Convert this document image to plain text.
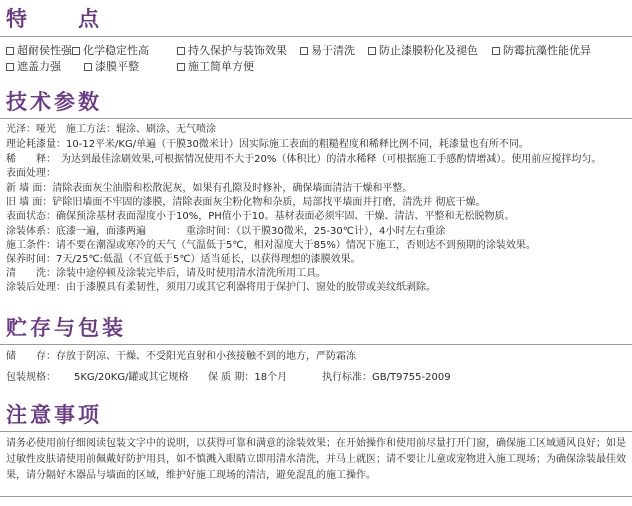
特　　点
超耐侯性强	化学稳定性高	持久保护与装饰效果	易于清洗	防止漆膜粉化及褪色	防霉抗藻性能优异
遮盖力强	漆膜平整	施工简单方便
技术参数
光泽：哑光　施工方法：辊涂、刷涂、无气喷涂
理论耗漆量：10-12平米/KG/单遍（干膜30微米计）因实际施工表面的粗糙程度和稀释比例不同，耗漆量也有所不同。
稀　　释：　为达到最佳涂刷效果,可根据情况使用不大于20%（体积比）的清水稀释（可根据施工手感酌情增减）。使用前应搅拌均匀。
表面处理：
新 墙 面：清除表面灰尘油脂和松散泥灰，如果有孔隙及时修补，确保墙面清洁干燥和平整。
旧 墙 面：铲除旧墙面不牢固的漆膜，清除表面灰尘粉化物和杂质，局部找平墙面并打磨，清洗并 彻底干燥。
表面状态：确保预涂基材表面湿度小于10%，PH值小于10。基材表面必须牢固、干燥、清洁、平整和无松脱物质。
涂装体系：底漆一遍，面漆两遍　　　　重涂时间：（以干膜30微米，25-30℃计），4小时左右重涂
施工条件：请不要在潮湿或寒冷的天气（气温低于5℃，相对湿度大于85%）情况下施工，否则达不到预期的涂装效果。
保养时间：7天/25℃:低温（不宜低于5℃）适当延长，以获得理想的漆膜效果。
清　　洗：涂装中途停顿及涂装完毕后，请及时使用清水清洗所用工具。
涂装后处理：由于漆膜具有柔韧性，须用刀或其它利器将用于保护门、窗处的胶带或美纹纸剥除。
贮存与包装
储　　存：存放于阴凉、干燥、不受阳光直射和小孩接触不到的地方，严防霜冻
包装规格： 5KG/20KG/罐或其它规格 保 质 期：18个月	执行标准：GB/T9755-2009
注意事项
请务必使用前仔细阅读包装文字中的说明，以获得可靠和满意的涂装效果；在开始操作和使用前尽量打开门窗，确保施工区域通风良好；如是过敏性皮肤请使用前佩戴好防护用具，如不慎溅入眼睛立即用清水清洗，并马上就医；请不要让儿童或宠物进入施工现场；为确保涂装最佳效果，请分隔好木器品与墙面的区域，维护好施工现场的清洁，避免混乱的施工操作。
